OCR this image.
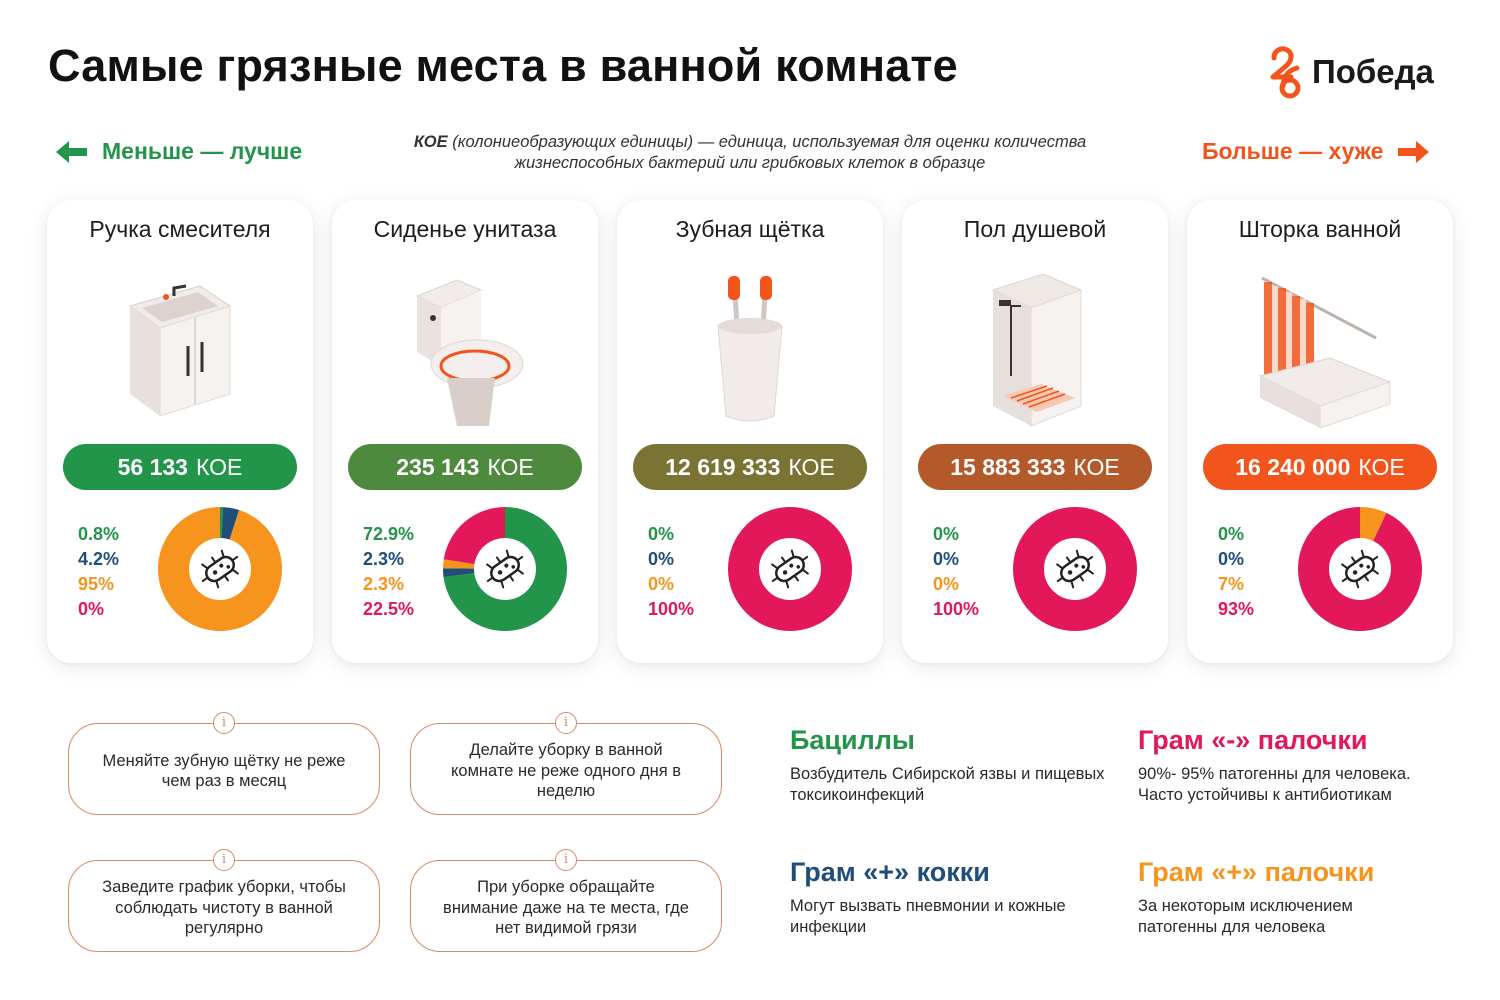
Самые грязные места в ванной комнате	Победа
Меньше — лучше	Больше — хуже
КОЕ (колониеобразующих единицы) — единица, используемая для оценки количества жизнеспособных бактерий или грибковых клеток в образце
Ручка смесителя
56 133 КОЕ
0.8%
4.2%
95%
0%
Сиденье унитаза
235 143 КОЕ
72.9%
2.3%
2.3%
22.5%
Зубная щётка
12 619 333 КОЕ
0%
0%
0%
100%
Пол душевой
15 883 333 КОЕ
0%
0%
0%
100%
Шторка ванной
16 240 000 КОЕ
0%
0%
7%
93%
i
Меняйте зубную щётку не реже чем раз в месяц
i
Делайте уборку в ванной комнате не реже одного дня в неделю
i
Заведите график уборки, чтобы соблюдать чистоту в ванной регулярно
i
При уборке обращайте внимание даже на те места, где нет видимой грязи
Бациллы
Возбудитель Сибирской язвы и пищевых токсикоинфекций
Грам «-» палочки
90%- 95% патогенны для человека. Часто устойчивы к антибиотикам
Грам «+» кокки
Могут вызвать пневмонии и кожные инфекции
Грам «+» палочки
За некоторым исключением патогенны для человека
